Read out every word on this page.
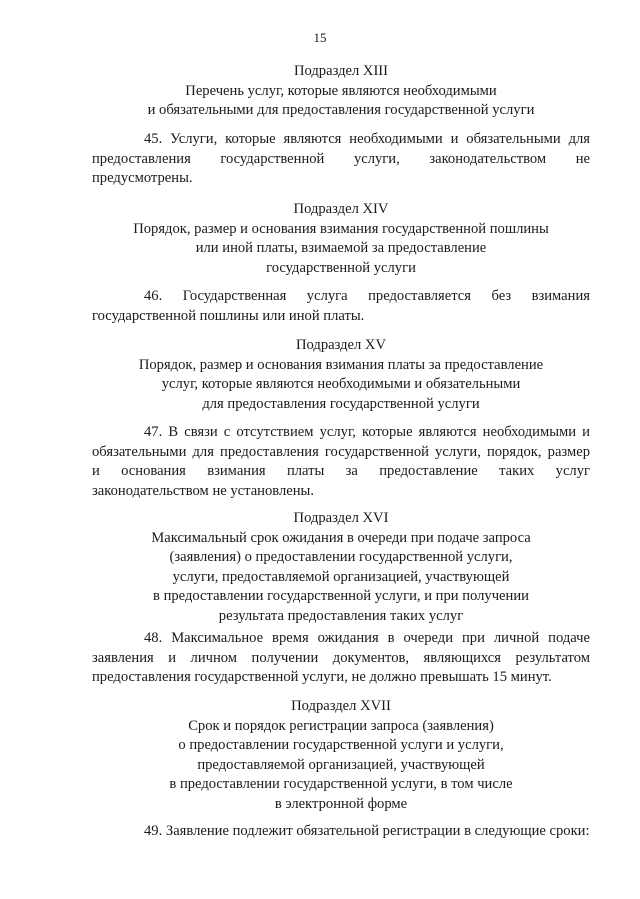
15
Подраздел XIII
Перечень услуг, которые являются необходимыми
и обязательными для предоставления государственной услуги
45. Услуги, которые являются необходимыми и обязательными для
предоставления государственной услуги, законодательством не
предусмотрены.
Подраздел XIV
Порядок, размер и основания взимания государственной пошлины
или иной платы, взимаемой за предоставление
государственной услуги
46. Государственная услуга предоставляется без взимания
государственной пошлины или иной платы.
Подраздел XV
Порядок, размер и основания взимания платы за предоставление
услуг, которые являются необходимыми и обязательными
для предоставления государственной услуги
47. В связи с отсутствием услуг, которые являются необходимыми и
обязательными для предоставления государственной услуги, порядок, размер
и основания взимания платы за предоставление таких услуг
законодательством не установлены.
Подраздел XVI
Максимальный срок ожидания в очереди при подаче запроса
(заявления) о предоставлении государственной услуги,
услуги, предоставляемой организацией, участвующей
в предоставлении государственной услуги, и при получении
результата предоставления таких услуг
48. Максимальное время ожидания в очереди при личной подаче
заявления и личном получении документов, являющихся результатом
предоставления государственной услуги, не должно превышать 15 минут.
Подраздел XVII
Срок и порядок регистрации запроса (заявления)
о предоставлении государственной услуги и услуги,
предоставляемой организацией, участвующей
в предоставлении государственной услуги, в том числе
в электронной форме
49. Заявление подлежит обязательной регистрации в следующие сроки:
